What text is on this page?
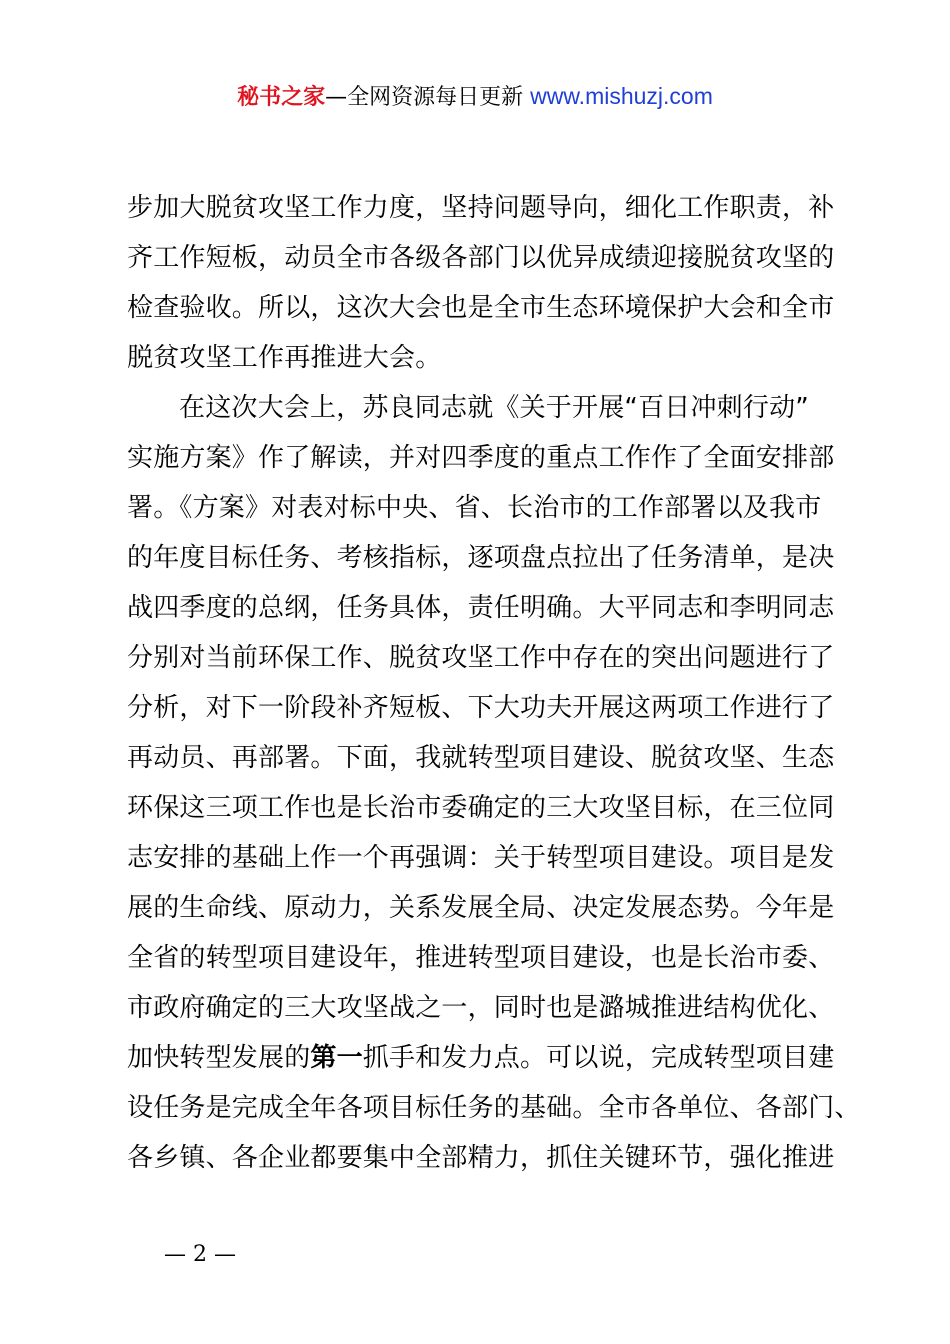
秘书之家—全网资源每日更新 www.mishuzj.com
步加大脱贫攻坚工作力度，坚持问题导向，细化工作职责，补
齐工作短板，动员全市各级各部门以优异成绩迎接脱贫攻坚的
检查验收。所以，这次大会也是全市生态环境保护大会和全市
脱贫攻坚工作再推进大会。
在这次大会上，苏良同志就《关于开展“百日冲刺行动”
实施方案》作了解读，并对四季度的重点工作作了全面安排部
署。《方案》对表对标中央、省、长治市的工作部署以及我市
的年度目标任务、考核指标，逐项盘点拉出了任务清单，是决
战四季度的总纲，任务具体，责任明确。大平同志和李明同志
分别对当前环保工作、脱贫攻坚工作中存在的突出问题进行了
分析，对下一阶段补齐短板、下大功夫开展这两项工作进行了
再动员、再部署。下面，我就转型项目建设、脱贫攻坚、生态
环保这三项工作也是长治市委确定的三大攻坚目标，在三位同
志安排的基础上作一个再强调：关于转型项目建设。项目是发
展的生命线、原动力，关系发展全局、决定发展态势。今年是
全省的转型项目建设年，推进转型项目建设，也是长治市委、
市政府确定的三大攻坚战之一，同时也是潞城推进结构优化、
加快转型发展的第一抓手和发力点。可以说，完成转型项目建
设任务是完成全年各项目标任务的基础。全市各单位、各部门、
各乡镇、各企业都要集中全部精力，抓住关键环节，强化推进
— 2 —
